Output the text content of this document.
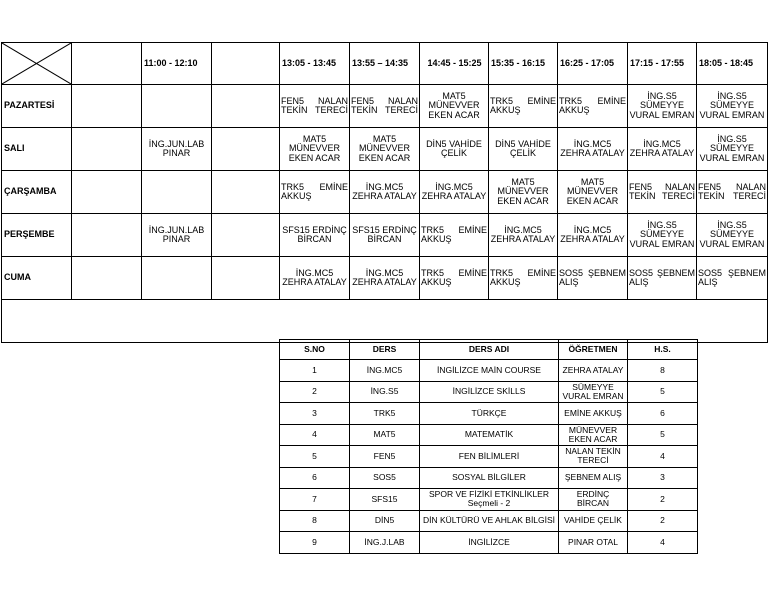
		11:00 - 12:10		13:05 - 13:45	13:55 – 14:35	14:45 - 15:25	15:35 - 16:15	16:25 - 17:05	17:15 - 17:55	18:05 - 18:45
PAZARTESİ				FEN5 NALAN TEKİN TERECİ	FEN5 NALAN TEKİN TERECİ	MAT5 MÜNEVVER EKEN ACAR	TRK5 EMİNE AKKUŞ	TRK5 EMİNE AKKUŞ	İNG.S5 SÜMEYYE VURAL EMRAN	İNG.S5 SÜMEYYE VURAL EMRAN
SALI		İNG.JUN.LAB PINAR		MAT5 MÜNEVVER EKEN ACAR	MAT5 MÜNEVVER EKEN ACAR	DİN5 VAHİDE ÇELİK	DİN5 VAHİDE ÇELİK	İNG.MC5 ZEHRA ATALAY	İNG.MC5 ZEHRA ATALAY	İNG.S5 SÜMEYYE VURAL EMRAN
ÇARŞAMBA				TRK5 EMİNE AKKUŞ	İNG.MC5 ZEHRA ATALAY	İNG.MC5 ZEHRA ATALAY	MAT5 MÜNEVVER EKEN ACAR	MAT5 MÜNEVVER EKEN ACAR	FEN5 NALAN TEKİN TERECİ	FEN5 NALAN TEKİN TERECİ
PERŞEMBE		İNG.JUN.LAB PINAR		SFS15 ERDİNÇ BİRCAN	SFS15 ERDİNÇ BİRCAN	TRK5 EMİNE AKKUŞ	İNG.MC5 ZEHRA ATALAY	İNG.MC5 ZEHRA ATALAY	İNG.S5 SÜMEYYE VURAL EMRAN	İNG.S5 SÜMEYYE VURAL EMRAN
CUMA				İNG.MC5 ZEHRA ATALAY	İNG.MC5 ZEHRA ATALAY	TRK5 EMİNE AKKUŞ	TRK5 EMİNE AKKUŞ	SOS5 ŞEBNEM ALIŞ	SOS5 ŞEBNEM ALIŞ	SOS5 ŞEBNEM ALIŞ

S.NO	DERS	DERS ADI	ÖĞRETMEN	H.S.
1	İNG.MC5	İNGİLİZCE MAİN COURSE	ZEHRA ATALAY	8
2	İNG.S5	İNGİLİZCE SKİLLS	SÜMEYYE VURAL EMRAN	5
3	TRK5	TÜRKÇE	EMİNE AKKUŞ	6
4	MAT5	MATEMATİK	MÜNEVVER EKEN ACAR	5
5	FEN5	FEN BİLİMLERİ	NALAN TEKİN TERECİ	4
6	SOS5	SOSYAL BİLGİLER	ŞEBNEM ALIŞ	3
7	SFS15	SPOR VE FİZİKİ ETKİNLİKLER Seçmeli - 2	ERDİNÇ BİRCAN	2
8	DİN5	DİN KÜLTÜRÜ VE AHLAK BİLGİSİ	VAHİDE ÇELİK	2
9	İNG.J.LAB	İNGİLİZCE	PINAR OTAL	4
